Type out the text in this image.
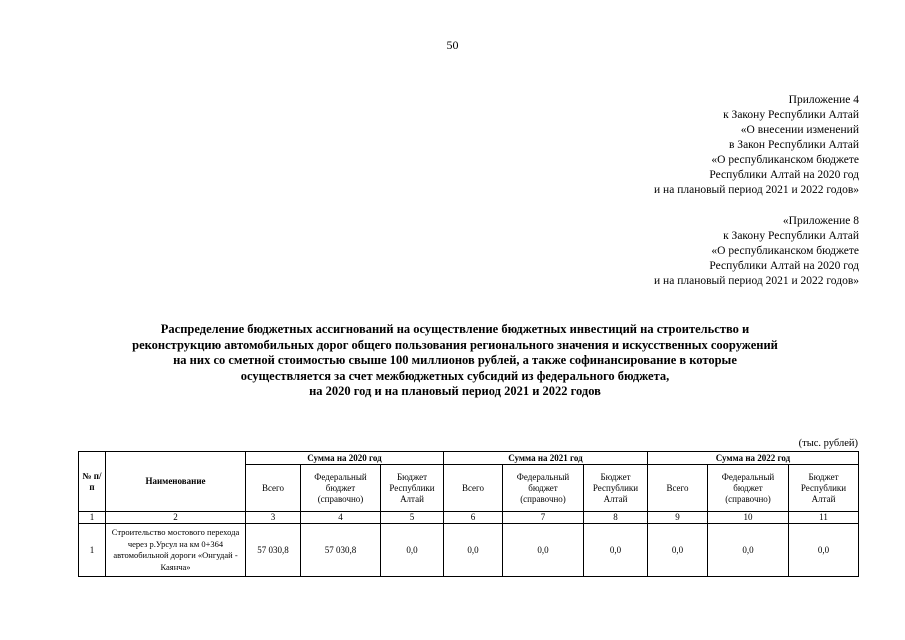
50
Приложение 4
к Закону Республики Алтай
«О внесении изменений
в Закон Республики Алтай
«О республиканском бюджете
Республики Алтай на 2020 год
и на плановый период 2021 и 2022 годов»
«Приложение 8
к Закону Республики Алтай
«О республиканском бюджете
Республики Алтай на 2020 год
и на плановый период 2021 и 2022 годов»
Распределение бюджетных ассигнований на осуществление бюджетных инвестиций на строительство и
реконструкцию автомобильных дорог общего пользования регионального значения и искусственных сооружений
на них со сметной стоимостью свыше 100 миллионов рублей, а также софинансирование в которые
осуществляется за счет межбюджетных субсидий из федерального бюджета,
на 2020 год и на плановый период 2021 и 2022 годов
(тыс. рублей)
№ п/п	Наименование	Сумма на 2020 год			Сумма на 2021 год			Сумма на 2022 год		
		Всего	Федеральный бюджет (справочно)	Бюджет Республики Алтай	Всего	Федеральный бюджет (справочно)	Бюджет Республики Алтай	Всего	Федеральный бюджет (справочно)	Бюджет Республики Алтай
1	2	3	4	5	6	7	8	9	10	11
1	Строительство мостового перехода через р.Урсул на км 0+364 автомобильной дороги «Онгудай - Каянча»	57 030,8	57 030,8	0,0	0,0	0,0	0,0	0,0	0,0	0,0
